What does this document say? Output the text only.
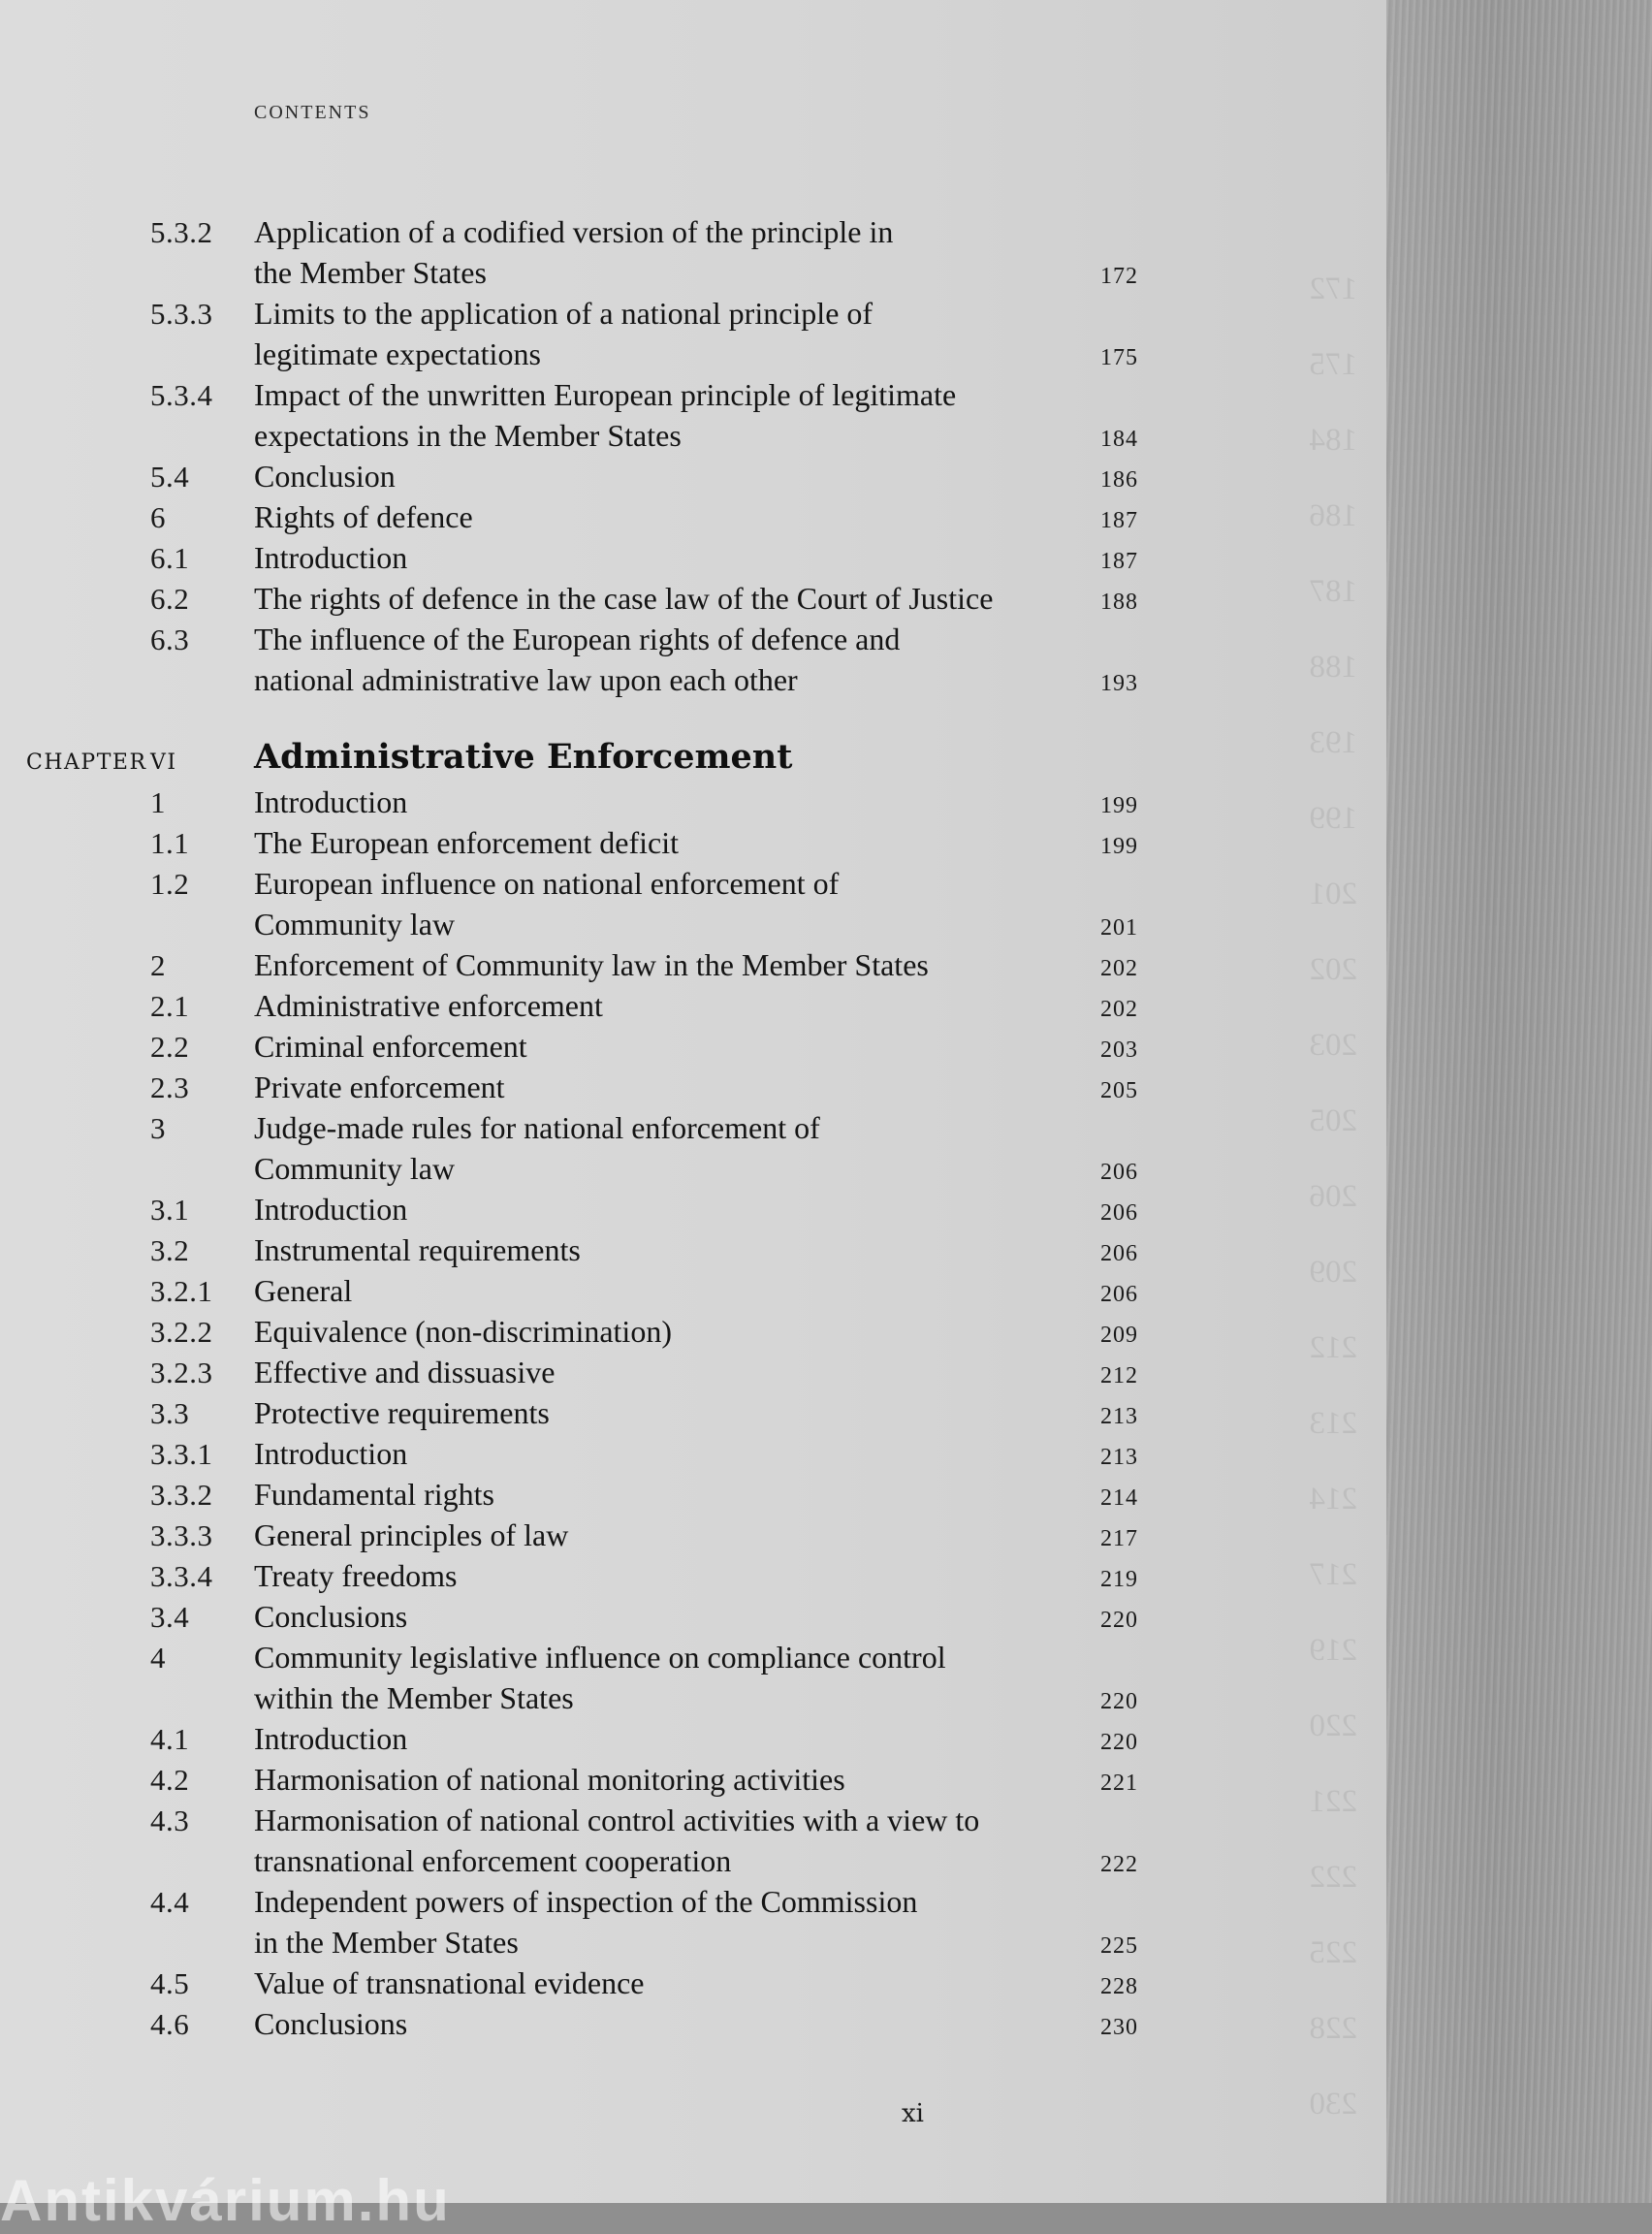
172
175
184
186
187
188
193
199
201
202
203
205
206
209
212
213
214
217
219
220
221
222
225
228
230
CONTENTS
5.3.2 Application of a codified version of the principle in
the Member States	172
5.3.3 Limits to the application of a national principle of
legitimate expectations	175
5.3.4 Impact of the unwritten European principle of legitimate
expectations in the Member States	184
5.4 Conclusion	186
6	Rights of defence	187
6.1 Introduction	187
6.2 The rights of defence in the case law of the Court of Justice	188
6.3 The influence of the European rights of defence and
national administrative law upon each other	193
CHAPTER VI Administrative Enforcement
1	Introduction	199
1.1 The European enforcement deficit	199
1.2 European influence on national enforcement of
Community law	201
2	Enforcement of Community law in the Member States	202
2.1 Administrative enforcement	202
2.2 Criminal enforcement	203
2.3 Private enforcement	205
3	Judge-made rules for national enforcement of
Community law	206
3.1 Introduction	206
3.2 Instrumental requirements	206
3.2.1 General	206
3.2.2 Equivalence (non-discrimination)	209
3.2.3 Effective and dissuasive	212
3.3 Protective requirements	213
3.3.1 Introduction	213
3.3.2 Fundamental rights	214
3.3.3 General principles of law	217
3.3.4 Treaty freedoms	219
3.4 Conclusions	220
4	Community legislative influence on compliance control
within the Member States	220
4.1 Introduction	220
4.2 Harmonisation of national monitoring activities	221
4.3 Harmonisation of national control activities with a view to
transnational enforcement cooperation	222
4.4 Independent powers of inspection of the Commission
in the Member States	225
4.5 Value of transnational evidence	228
4.6 Conclusions	230
xi
Antikvárium.hu
